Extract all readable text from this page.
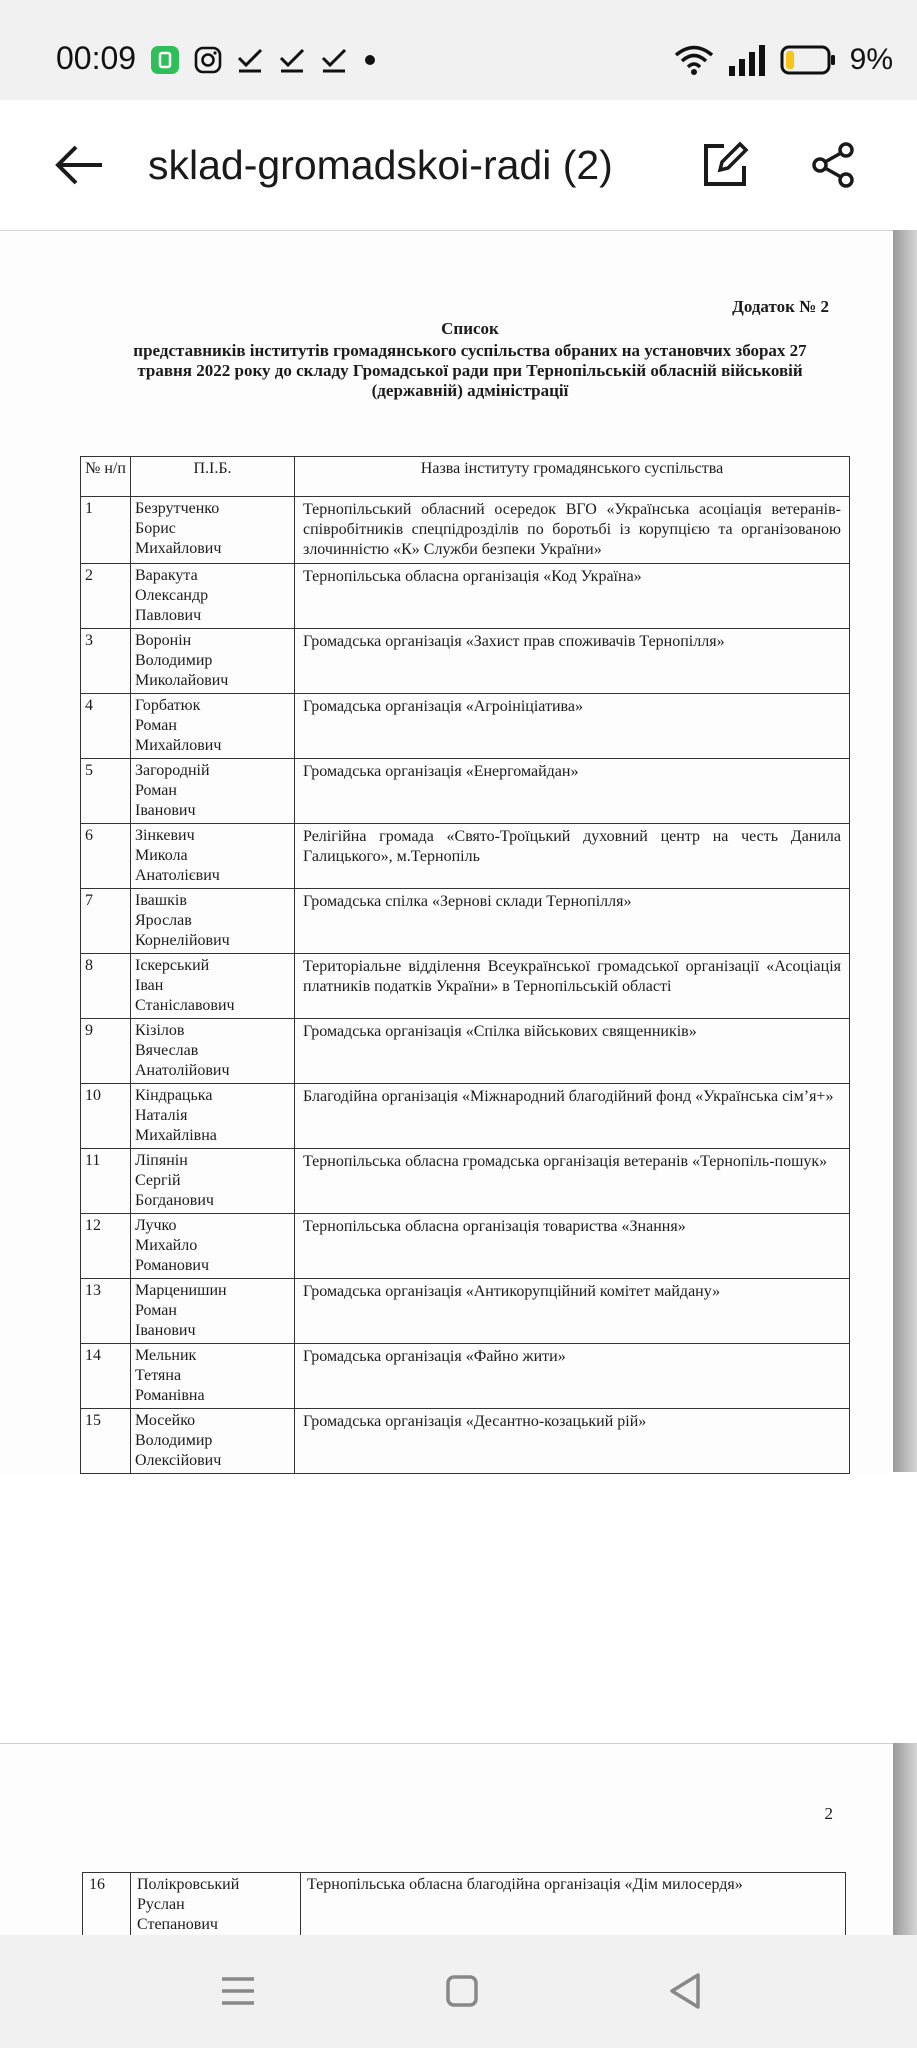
00:09	9%
sklad-gromadskoi-radi (2)
Додаток № 2
Список
представників інститутів громадянського суспільства обраних на установчих зборах 27
травня 2022 року до складу Громадської ради при Тернопільській обласній військовій
(державній) адміністрації
№ н/п	П.І.Б.	Назва інституту громадянського суспільства
1	Безрутченко
Борис
Михайлович	Тернопільський обласний осередок ВГО «Українська асоціація ветеранів-співробітників спецпідрозділів по боротьбі із корупцією та організованою злочинністю «К» Служби безпеки України»
2	Варакута
Олександр
Павлович	Тернопільська обласна організація «Код Україна»
3	Воронін
Володимир
Миколайович	Громадська організація «Захист прав споживачів Тернопілля»
4	Горбатюк
Роман
Михайлович	Громадська організація «Агроініціатива»
5	Загородній
Роман
Іванович	Громадська організація «Енергомайдан»
6	Зінкевич
Микола
Анатолієвич	Релігійна громада «Свято-Троїцький духовний центр на честь Данила Галицького», м.Тернопіль
7	Івашків
Ярослав
Корнелійович	Громадська спілка «Зернові склади Тернопілля»
8	Іскерський
Іван
Станіславович	Територіальне відділення Всеукраїнської громадської організації «Асоціація платників податків України» в Тернопільській області
9	Кізілов
Вячеслав
Анатолійович	Громадська організація «Спілка військових священників»
10	Кіндрацька
Наталія
Михайлівна	Благодійна організація «Міжнародний благодійний фонд «Українська сім’я+»
11	Ліпянін
Сергій
Богданович	Тернопільська обласна громадська організація ветеранів «Тернопіль-пошук»
12	Лучко
Михайло
Романович	Тернопільська обласна організація товариства «Знання»
13	Марценишин
Роман
Іванович	Громадська організація «Антикорупційний комітет майдану»
14	Мельник
Тетяна
Романівна	Громадська організація «Файно жити»
15	Мосейко
Володимир
Олексійович	Громадська організація «Десантно-козацький рій»
2
16	Полікровський
Руслан
Степанович	Тернопільська обласна благодійна організація «Дім милосердя»
